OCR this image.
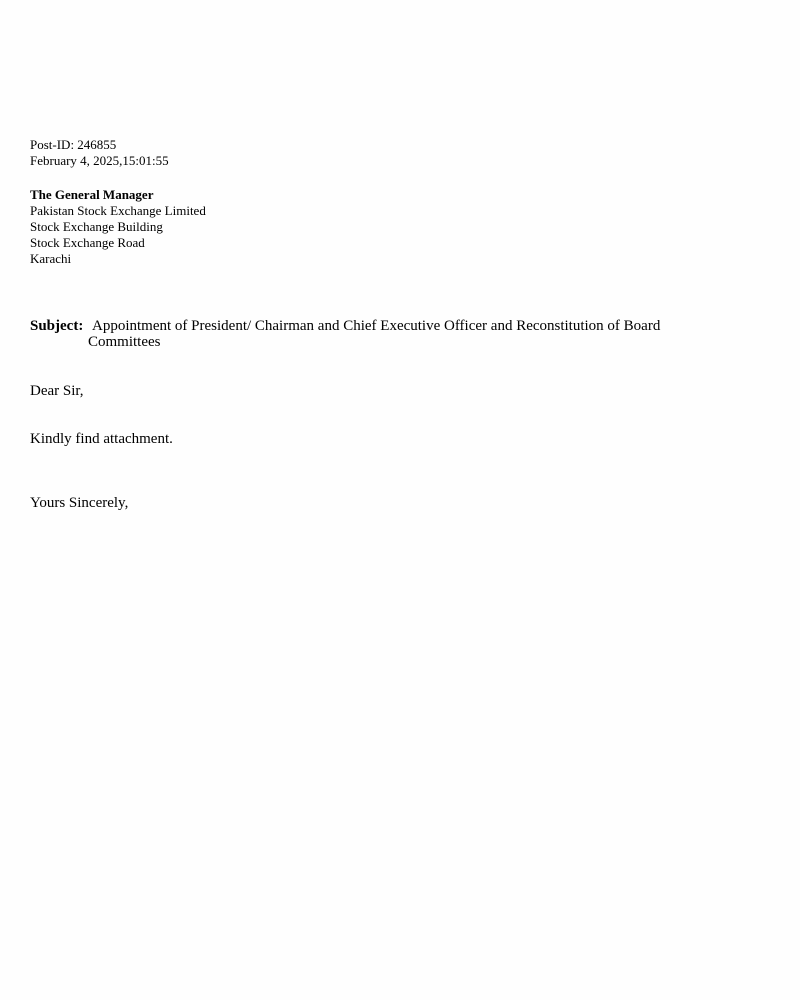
Post-ID: 246855
February 4, 2025,15:01:55
The General Manager
Pakistan Stock Exchange Limited
Stock Exchange Building
Stock Exchange Road
Karachi
Subject: Appointment of President/ Chairman and Chief Executive Officer and Reconstitution of Board Committees
Dear Sir,
Kindly find attachment.
Yours Sincerely,
